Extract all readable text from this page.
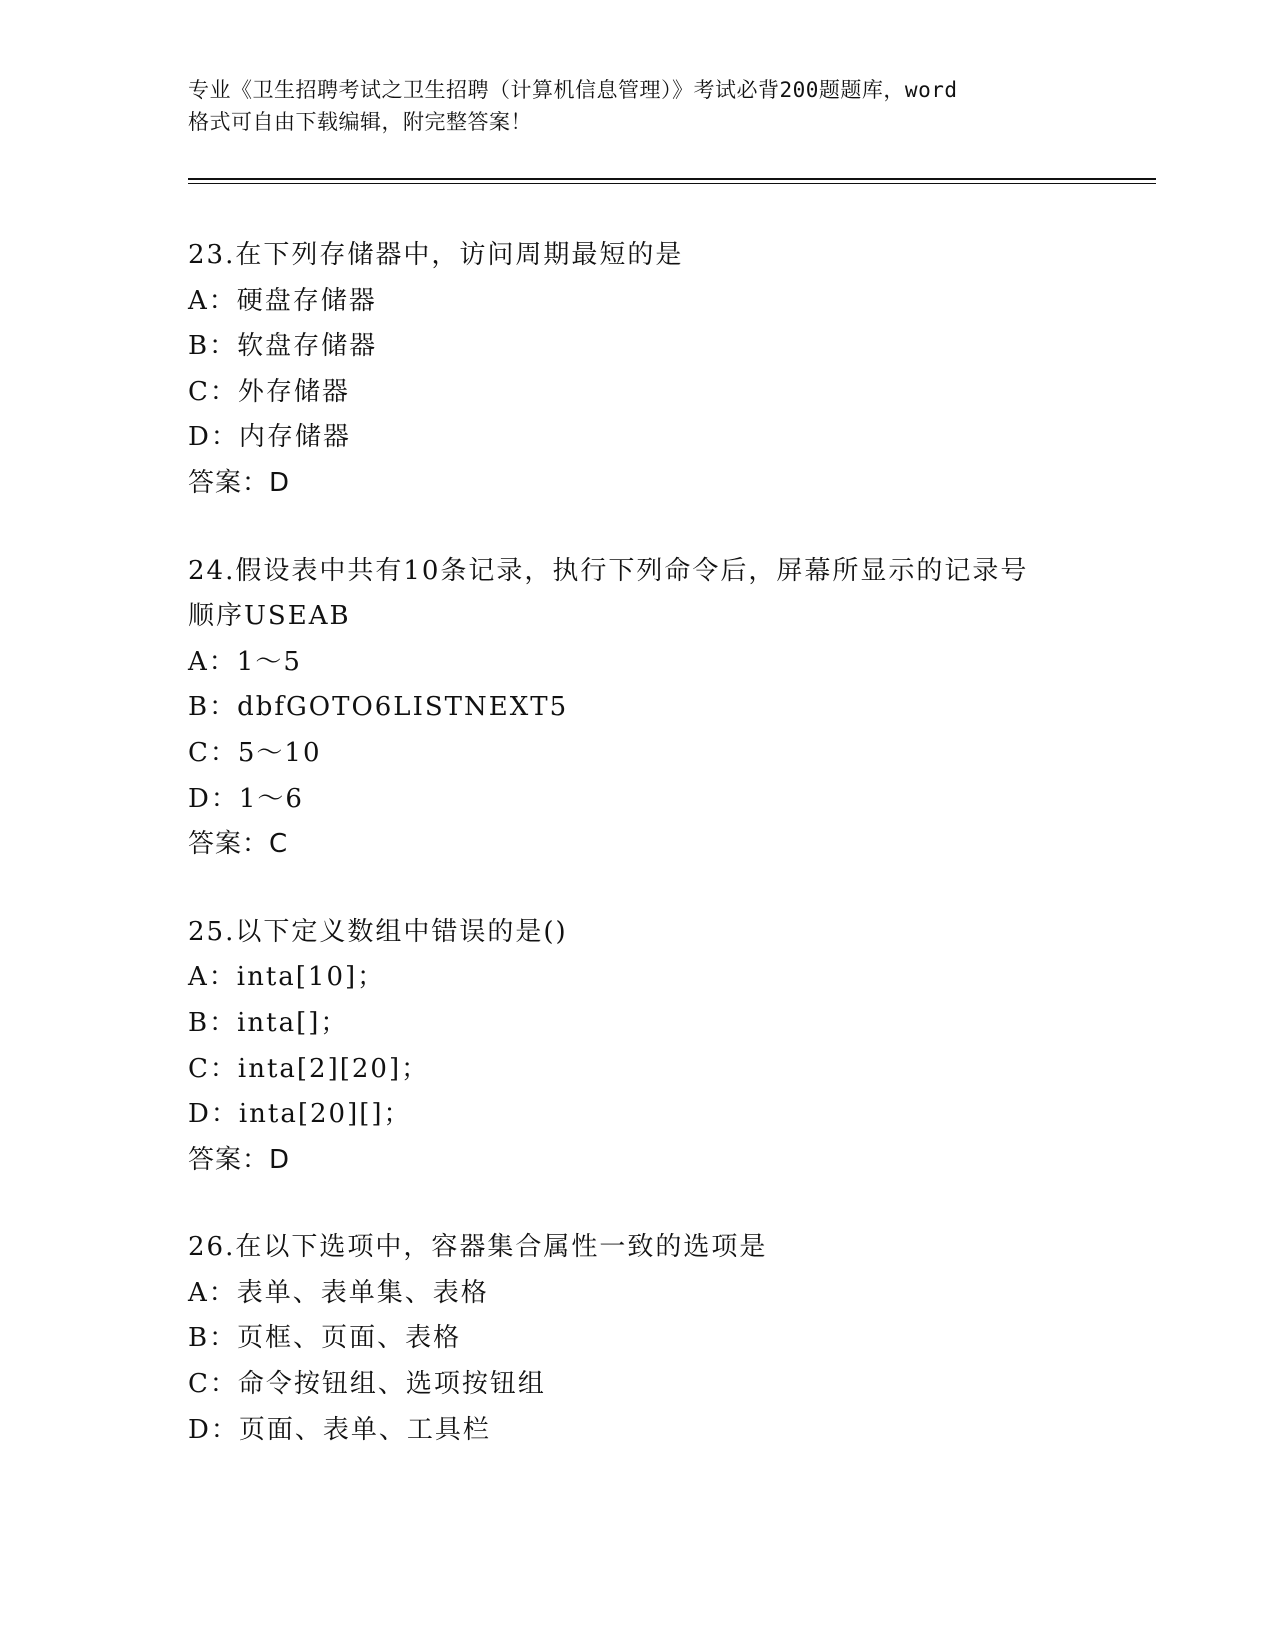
专业《卫生招聘考试之卫生招聘（计算机信息管理）》考试必背200题题库，word
格式可自由下载编辑，附完整答案！
23.在下列存储器中，访问周期最短的是
A：硬盘存储器
B：软盘存储器
C：外存储器
D：内存储器
答案：D
24.假设表中共有10条记录，执行下列命令后，屏幕所显示的记录号
顺序USEAB
A：1～5
B：dbfGOTO6LISTNEXT5
C：5～10
D：1～6
答案：C
25.以下定义数组中错误的是()
A：inta[10]；
B：inta[]；
C：inta[2][20]；
D：inta[20][]；
答案：D
26.在以下选项中，容器集合属性一致的选项是
A：表单、表单集、表格
B：页框、页面、表格
C：命令按钮组、选项按钮组
D：页面、表单、工具栏
